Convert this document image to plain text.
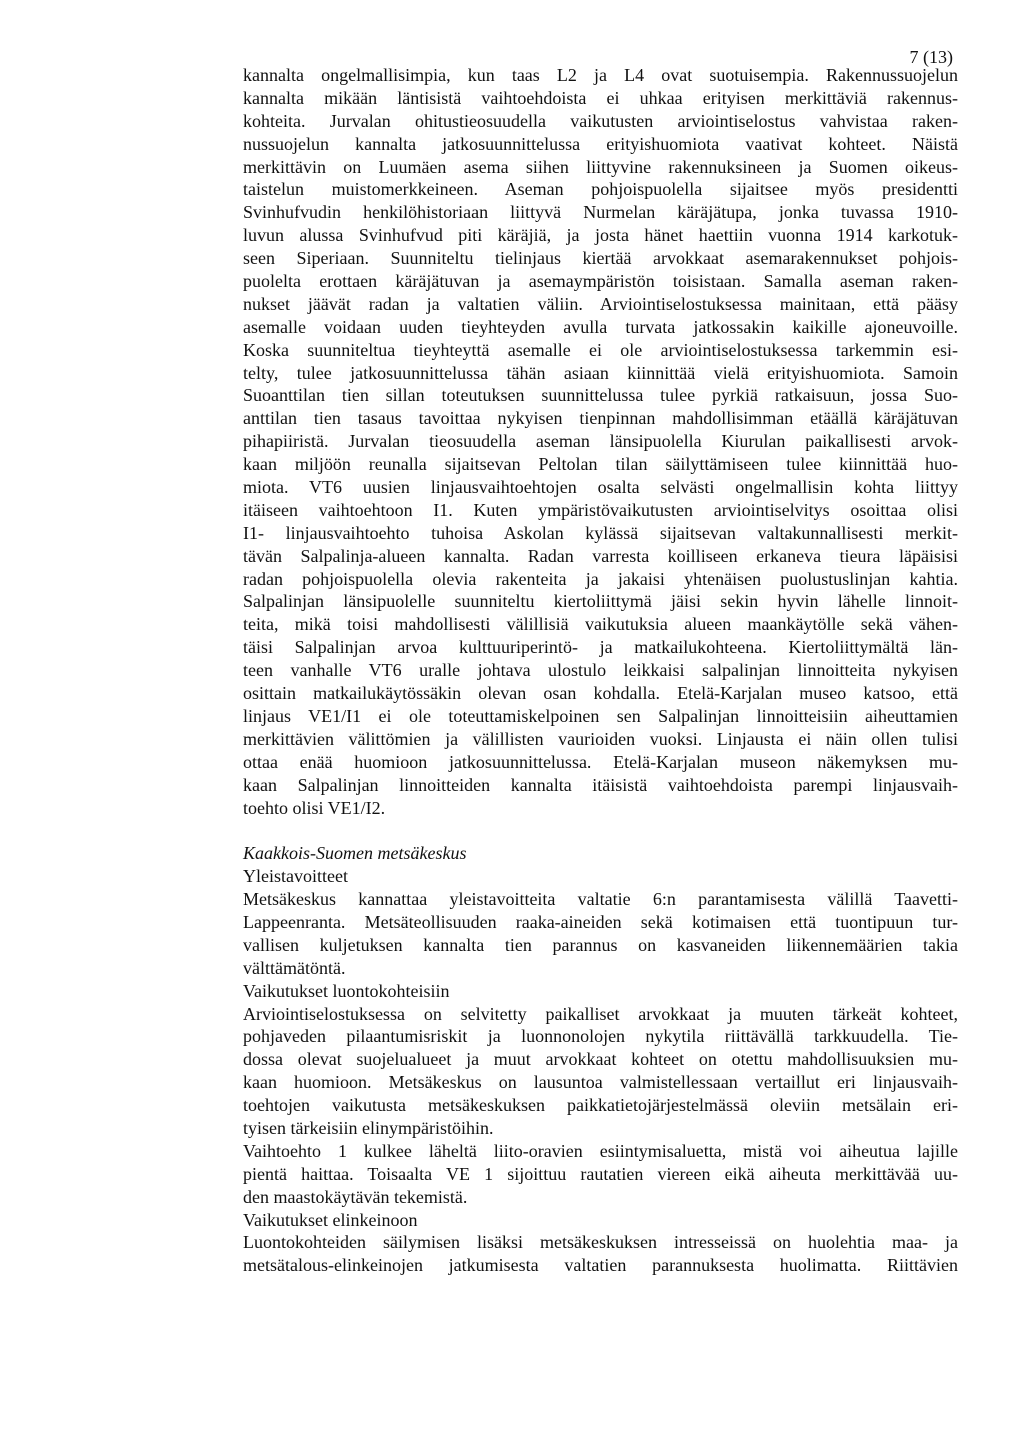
7 (13)
kannalta ongelmallisimpia, kun taas L2 ja L4 ovat suotuisempia. Rakennussuojelun
kannalta mikään läntisistä vaihtoehdoista ei uhkaa erityisen merkittäviä rakennus-
kohteita. Jurvalan ohitustieosuudella vaikutusten arviointiselostus vahvistaa raken-
nussuojelun kannalta jatkosuunnittelussa erityishuomiota vaativat kohteet. Näistä
merkittävin on Luumäen asema siihen liittyvine rakennuksineen ja Suomen oikeus-
taistelun muistomerkkeineen. Aseman pohjoispuolella sijaitsee myös presidentti
Svinhufvudin henkilöhistoriaan liittyvä Nurmelan käräjätupa, jonka tuvassa 1910-
luvun alussa Svinhufvud piti käräjiä, ja josta hänet haettiin vuonna 1914 karkotuk-
seen Siperiaan. Suunniteltu tielinjaus kiertää arvokkaat asemarakennukset pohjois-
puolelta erottaen käräjätuvan ja asemaympäristön toisistaan. Samalla aseman raken-
nukset jäävät radan ja valtatien väliin. Arviointiselostuksessa mainitaan, että pääsy
asemalle voidaan uuden tieyhteyden avulla turvata jatkossakin kaikille ajoneuvoille.
Koska suunniteltua tieyhteyttä asemalle ei ole arviointiselostuksessa tarkemmin esi-
telty, tulee jatkosuunnittelussa tähän asiaan kiinnittää vielä erityishuomiota. Samoin
Suoanttilan tien sillan toteutuksen suunnittelussa tulee pyrkiä ratkaisuun, jossa Suo-
anttilan tien tasaus tavoittaa nykyisen tienpinnan mahdollisimman etäällä käräjätuvan
pihapiiristä. Jurvalan tieosuudella aseman länsipuolella Kiurulan paikallisesti arvok-
kaan miljöön reunalla sijaitsevan Peltolan tilan säilyttämiseen tulee kiinnittää huo-
miota. VT6 uusien linjausvaihtoehtojen osalta selvästi ongelmallisin kohta liittyy
itäiseen vaihtoehtoon I1. Kuten ympäristövaikutusten arviointiselvitys osoittaa olisi
I1- linjausvaihtoehto tuhoisa Askolan kylässä sijaitsevan valtakunnallisesti merkit-
tävän Salpalinja-alueen kannalta. Radan varresta koilliseen erkaneva tieura läpäisisi
radan pohjoispuolella olevia rakenteita ja jakaisi yhtenäisen puolustuslinjan kahtia.
Salpalinjan länsipuolelle suunniteltu kiertoliittymä jäisi sekin hyvin lähelle linnoit-
teita, mikä toisi mahdollisesti välillisiä vaikutuksia alueen maankäytölle sekä vähen-
täisi Salpalinjan arvoa kulttuuriperintö- ja matkailukohteena. Kiertoliittymältä län-
teen vanhalle VT6 uralle johtava ulostulo leikkaisi salpalinjan linnoitteita nykyisen
osittain matkailukäytössäkin olevan osan kohdalla. Etelä-Karjalan museo katsoo, että
linjaus VE1/I1 ei ole toteuttamiskelpoinen sen Salpalinjan linnoitteisiin aiheuttamien
merkittävien välittömien ja välillisten vaurioiden vuoksi. Linjausta ei näin ollen tulisi
ottaa enää huomioon jatkosuunnittelussa. Etelä-Karjalan museon näkemyksen mu-
kaan Salpalinjan linnoitteiden kannalta itäisistä vaihtoehdoista parempi linjausvaih-
toehto olisi VE1/I2.
Kaakkois-Suomen metsäkeskus
Yleistavoitteet
Metsäkeskus kannattaa yleistavoitteita valtatie 6:n parantamisesta välillä Taavetti-
Lappeenranta. Metsäteollisuuden raaka-aineiden sekä kotimaisen että tuontipuun tur-
vallisen kuljetuksen kannalta tien parannus on kasvaneiden liikennemäärien takia
välttämätöntä.
Vaikutukset luontokohteisiin
Arviointiselostuksessa on selvitetty paikalliset arvokkaat ja muuten tärkeät kohteet,
pohjaveden pilaantumisriskit ja luonnonolojen nykytila riittävällä tarkkuudella. Tie-
dossa olevat suojelualueet ja muut arvokkaat kohteet on otettu mahdollisuuksien mu-
kaan huomioon. Metsäkeskus on lausuntoa valmistellessaan vertaillut eri linjausvaih-
toehtojen vaikutusta metsäkeskuksen paikkatietojärjestelmässä oleviin metsälain eri-
tyisen tärkeisiin elinympäristöihin.
Vaihtoehto 1 kulkee läheltä liito-oravien esiintymisaluetta, mistä voi aiheutua lajille
pientä haittaa. Toisaalta VE 1 sijoittuu rautatien viereen eikä aiheuta merkittävää uu-
den maastokäytävän tekemistä.
Vaikutukset elinkeinoon
Luontokohteiden säilymisen lisäksi metsäkeskuksen intresseissä on huolehtia maa- ja
metsätalous-elinkeinojen jatkumisesta valtatien parannuksesta huolimatta. Riittävien
